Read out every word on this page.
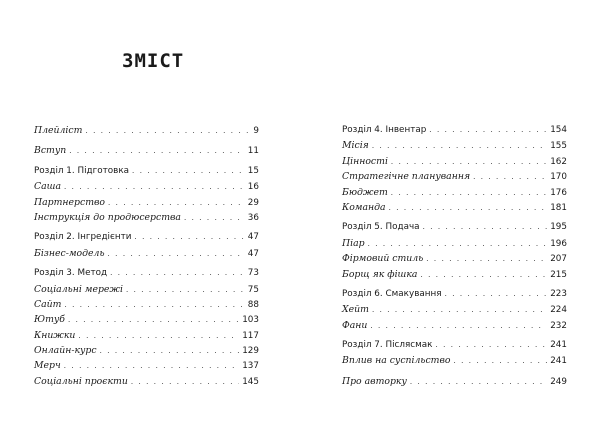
ЗМІСТ
Плейліст . . .	9
Вступ . . .	11
Розділ 1. Підготовка . . .	15
Саша . . .	16
Партнерство . . .	29
Інструкція до продюсерства . . .	36
Розділ 2. Інгредієнти . . .	47
Бізнес-модель . . .	47
Розділ 3. Метод . . .	73
Соціальні мережі . . .	75
Сайт . . .	88
Ютуб . . .	103
Книжки . . .	117
Онлайн-курс . . .	129
Мерч . . .	137
Соціальні проєкти . . .	145
Розділ 4. Інвентар . . .	154
Місія . . .	155
Цінності . . .	162
Стратегічне планування . . .	170
Бюджет . . .	176
Команда . . .	181
Розділ 5. Подача . . .	195
Піар . . .	196
Фірмовий стиль . . .	207
Борщ як фішка . . .	215
Розділ 6. Смакування . . .	223
Хейт . . .	224
Фани . . .	232
Розділ 7. Післясмак . . .	241
Вплив на суспільство . . .	241
Про авторку . . .	249
